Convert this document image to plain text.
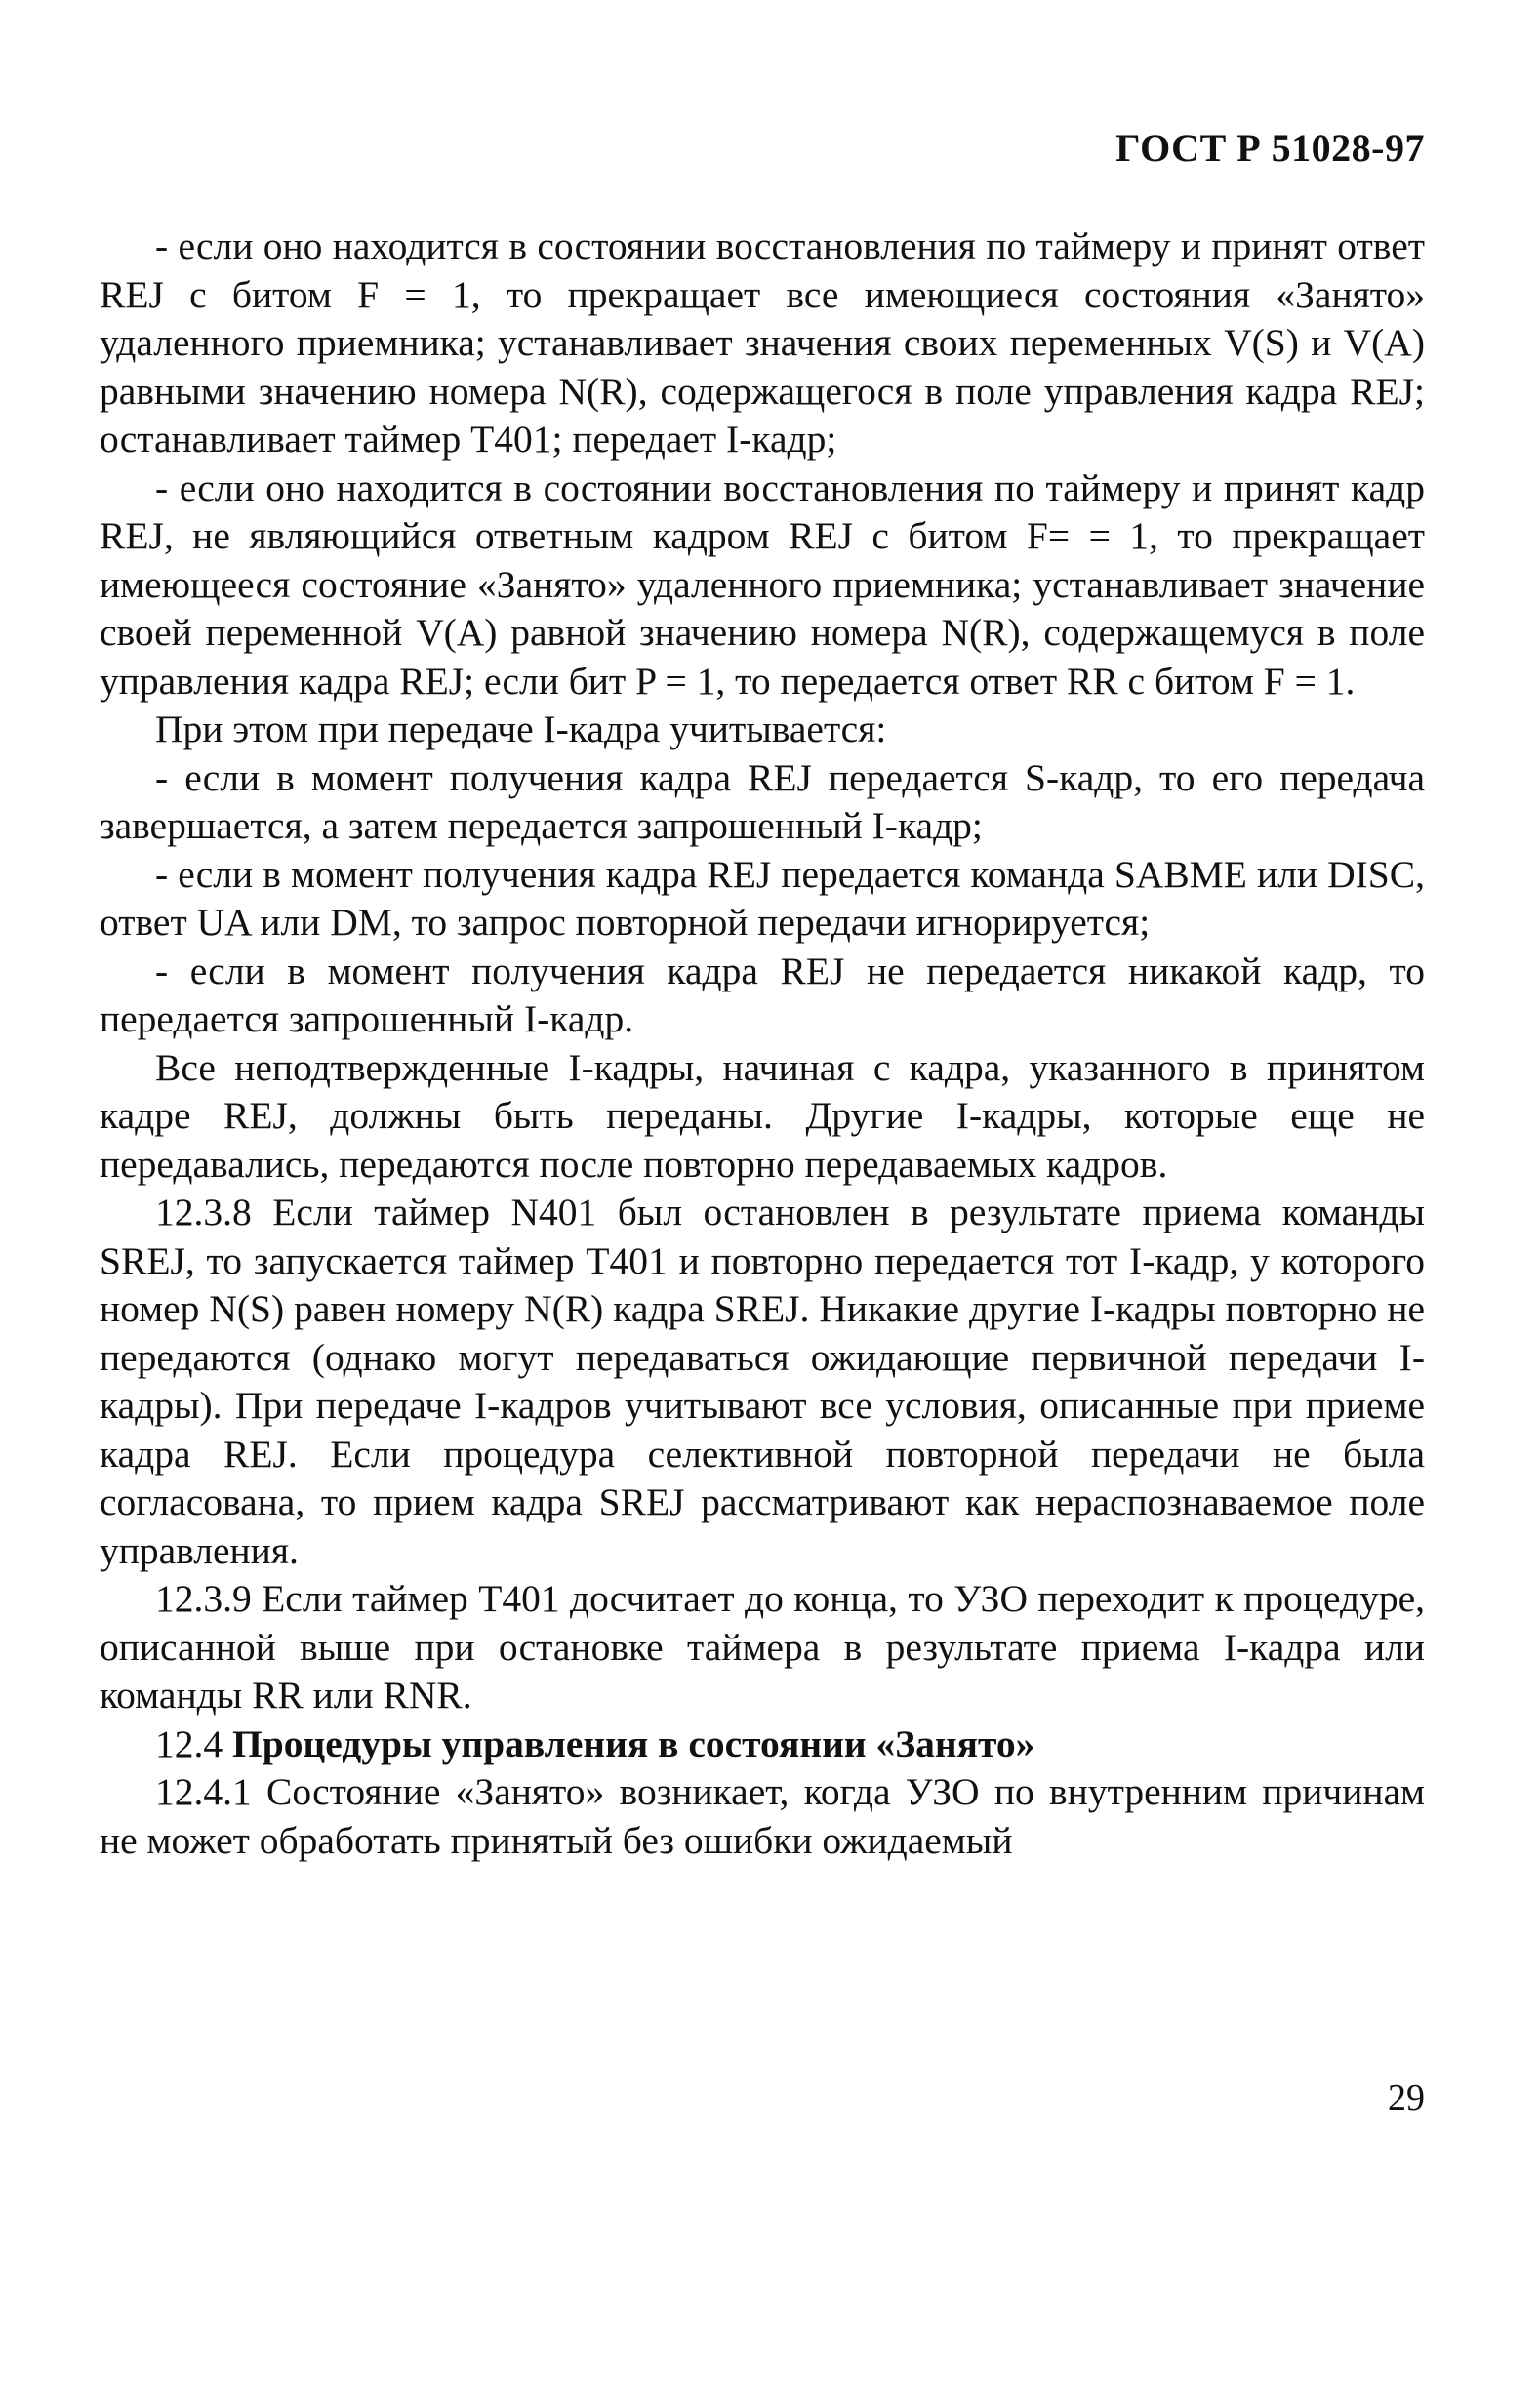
ГОСТ Р 51028-97

- если оно находится в состоянии восстановления по таймеру и принят ответ REJ с битом F = 1, то прекращает все имеющиеся состояния «Занято» удаленного приемника; устанавливает значения своих переменных V(S) и V(A) равными значению номера N(R), содержащегося в поле управления кадра REJ; останавливает таймер Т401; передает I-кадр;

- если оно находится в состоянии восстановления по таймеру и принят кадр REJ, не являющийся ответным кадром REJ с битом F= = 1, то прекращает имеющееся состояние «Занято» удаленного приемника; устанавливает значение своей переменной V(A) равной значению номера N(R), содержащемуся в поле управления кадра REJ; если бит P = 1, то передается ответ RR с битом F = 1.

При этом при передаче I-кадра учитывается:

- если в момент получения кадра REJ передается S-кадр, то его передача завершается, а затем передается запрошенный I-кадр;

- если в момент получения кадра REJ передается команда SABME или DISC, ответ UA или DM, то запрос повторной передачи игнорируется;

- если в момент получения кадра REJ не передается никакой кадр, то передается запрошенный I-кадр.

Все неподтвержденные I-кадры, начиная с кадра, указанного в принятом кадре REJ, должны быть переданы. Другие I-кадры, которые еще не передавались, передаются после повторно передаваемых кадров.

12.3.8 Если таймер N401 был остановлен в результате приема команды SREJ, то запускается таймер Т401 и повторно передается тот I-кадр, у которого номер N(S) равен номеру N(R) кадра SREJ. Никакие другие I-кадры повторно не передаются (однако могут передаваться ожидающие первичной передачи I-кадры). При передаче I-кадров учитывают все условия, описанные при приеме кадра REJ. Если процедура селективной повторной передачи не была согласована, то прием кадра SREJ рассматривают как нераспознаваемое поле управления.

12.3.9 Если таймер Т401 досчитает до конца, то УЗО переходит к процедуре, описанной выше при остановке таймера в результате приема I-кадра или команды RR или RNR.

12.4 Процедуры управления в состоянии «Занято»

12.4.1 Состояние «Занято» возникает, когда УЗО по внутренним причинам не может обработать принятый без ошибки ожидаемый

29
